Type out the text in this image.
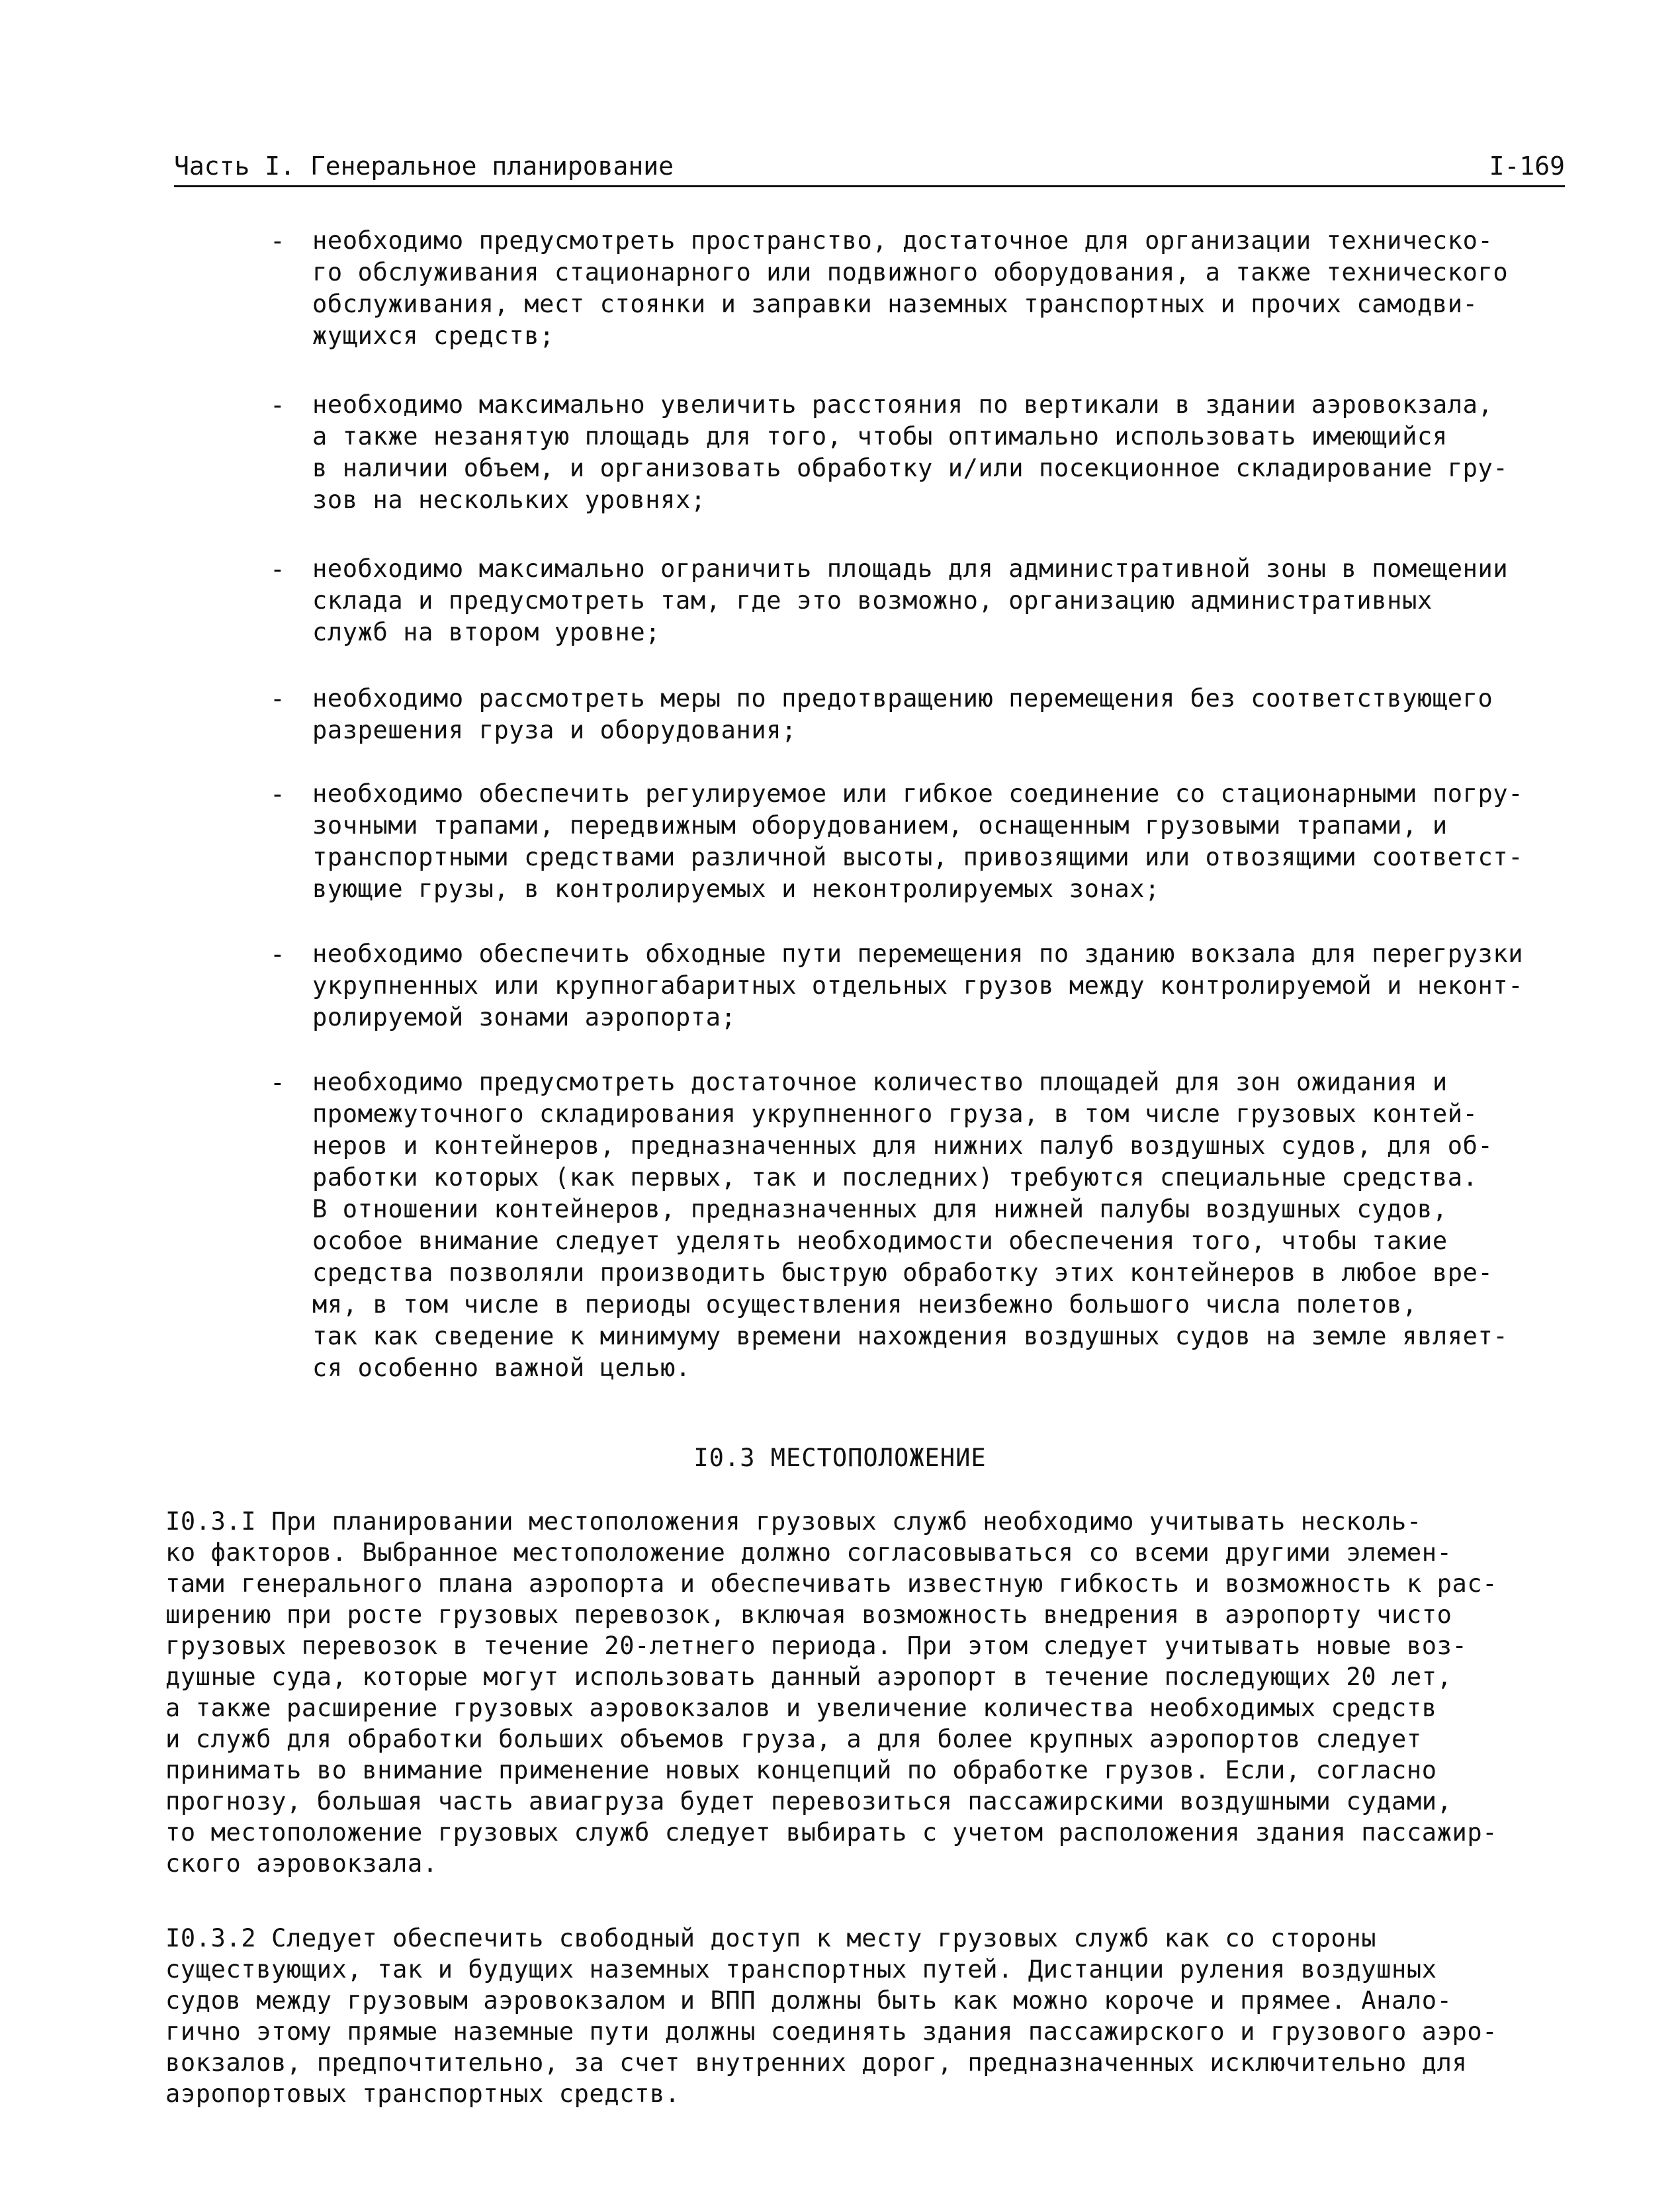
Часть I. Генеральное планирование	I-169
- необходимо предусмотреть пространство, достаточное для организации техническо-
го обслуживания стационарного или подвижного оборудования, а также технического
обслуживания, мест стоянки и заправки наземных транспортных и прочих самодви-
жущихся средств;

- необходимо максимально увеличить расстояния по вертикали в здании аэровокзала,
а также незанятую площадь для того, чтобы оптимально использовать имеющийся
в наличии объем, и организовать обработку и/или посекционное складирование гру-
зов на нескольких уровнях;

- необходимо максимально ограничить площадь для административной зоны в помещении
склада и предусмотреть там, где это возможно, организацию административных
служб на втором уровне;

- необходимо рассмотреть меры по предотвращению перемещения без соответствующего
разрешения груза и оборудования;

- необходимо обеспечить регулируемое или гибкое соединение со стационарными погру-
зочными трапами, передвижным оборудованием, оснащенным грузовыми трапами, и
транспортными средствами различной высоты, привозящими или отвозящими соответст-
вующие грузы, в контролируемых и неконтролируемых зонах;

- необходимо обеспечить обходные пути перемещения по зданию вокзала для перегрузки
укрупненных или крупногабаритных отдельных грузов между контролируемой и неконт-
ролируемой зонами аэропорта;

- необходимо предусмотреть достаточное количество площадей для зон ожидания и
промежуточного складирования укрупненного груза, в том числе грузовых контей-
неров и контейнеров, предназначенных для нижних палуб воздушных судов, для об-
работки которых (как первых, так и последних) требуются специальные средства.
В отношении контейнеров, предназначенных для нижней палубы воздушных судов,
особое внимание следует уделять необходимости обеспечения того, чтобы такие
средства позволяли производить быструю обработку этих контейнеров в любое вре-
мя, в том числе в периоды осуществления неизбежно большого числа полетов,
так как сведение к минимуму времени нахождения воздушных судов на земле являет-
ся особенно важной целью.

I0.3 МЕСТОПОЛОЖЕНИЕ

I0.3.I При планировании местоположения грузовых служб необходимо учитывать несколь-
ко факторов. Выбранное местоположение должно согласовываться со всеми другими элемен-
тами генерального плана аэропорта и обеспечивать известную гибкость и возможность к рас-
ширению при росте грузовых перевозок, включая возможность внедрения в аэропорту чисто
грузовых перевозок в течение 20-летнего периода. При этом следует учитывать новые воз-
душные суда, которые могут использовать данный аэропорт в течение последующих 20 лет,
а также расширение грузовых аэровокзалов и увеличение количества необходимых средств
и служб для обработки больших объемов груза, а для более крупных аэропортов следует
принимать во внимание применение новых концепций по обработке грузов. Если, согласно
прогнозу, большая часть авиагруза будет перевозиться пассажирскими воздушными судами,
то местоположение грузовых служб следует выбирать с учетом расположения здания пассажир-
ского аэровокзала.

I0.3.2 Следует обеспечить свободный доступ к месту грузовых служб как со стороны
существующих, так и будущих наземных транспортных путей. Дистанции руления воздушных
судов между грузовым аэровокзалом и ВПП должны быть как можно короче и прямее. Анало-
гично этому прямые наземные пути должны соединять здания пассажирского и грузового аэро-
вокзалов, предпочтительно, за счет внутренних дорог, предназначенных исключительно для
аэропортовых транспортных средств.
